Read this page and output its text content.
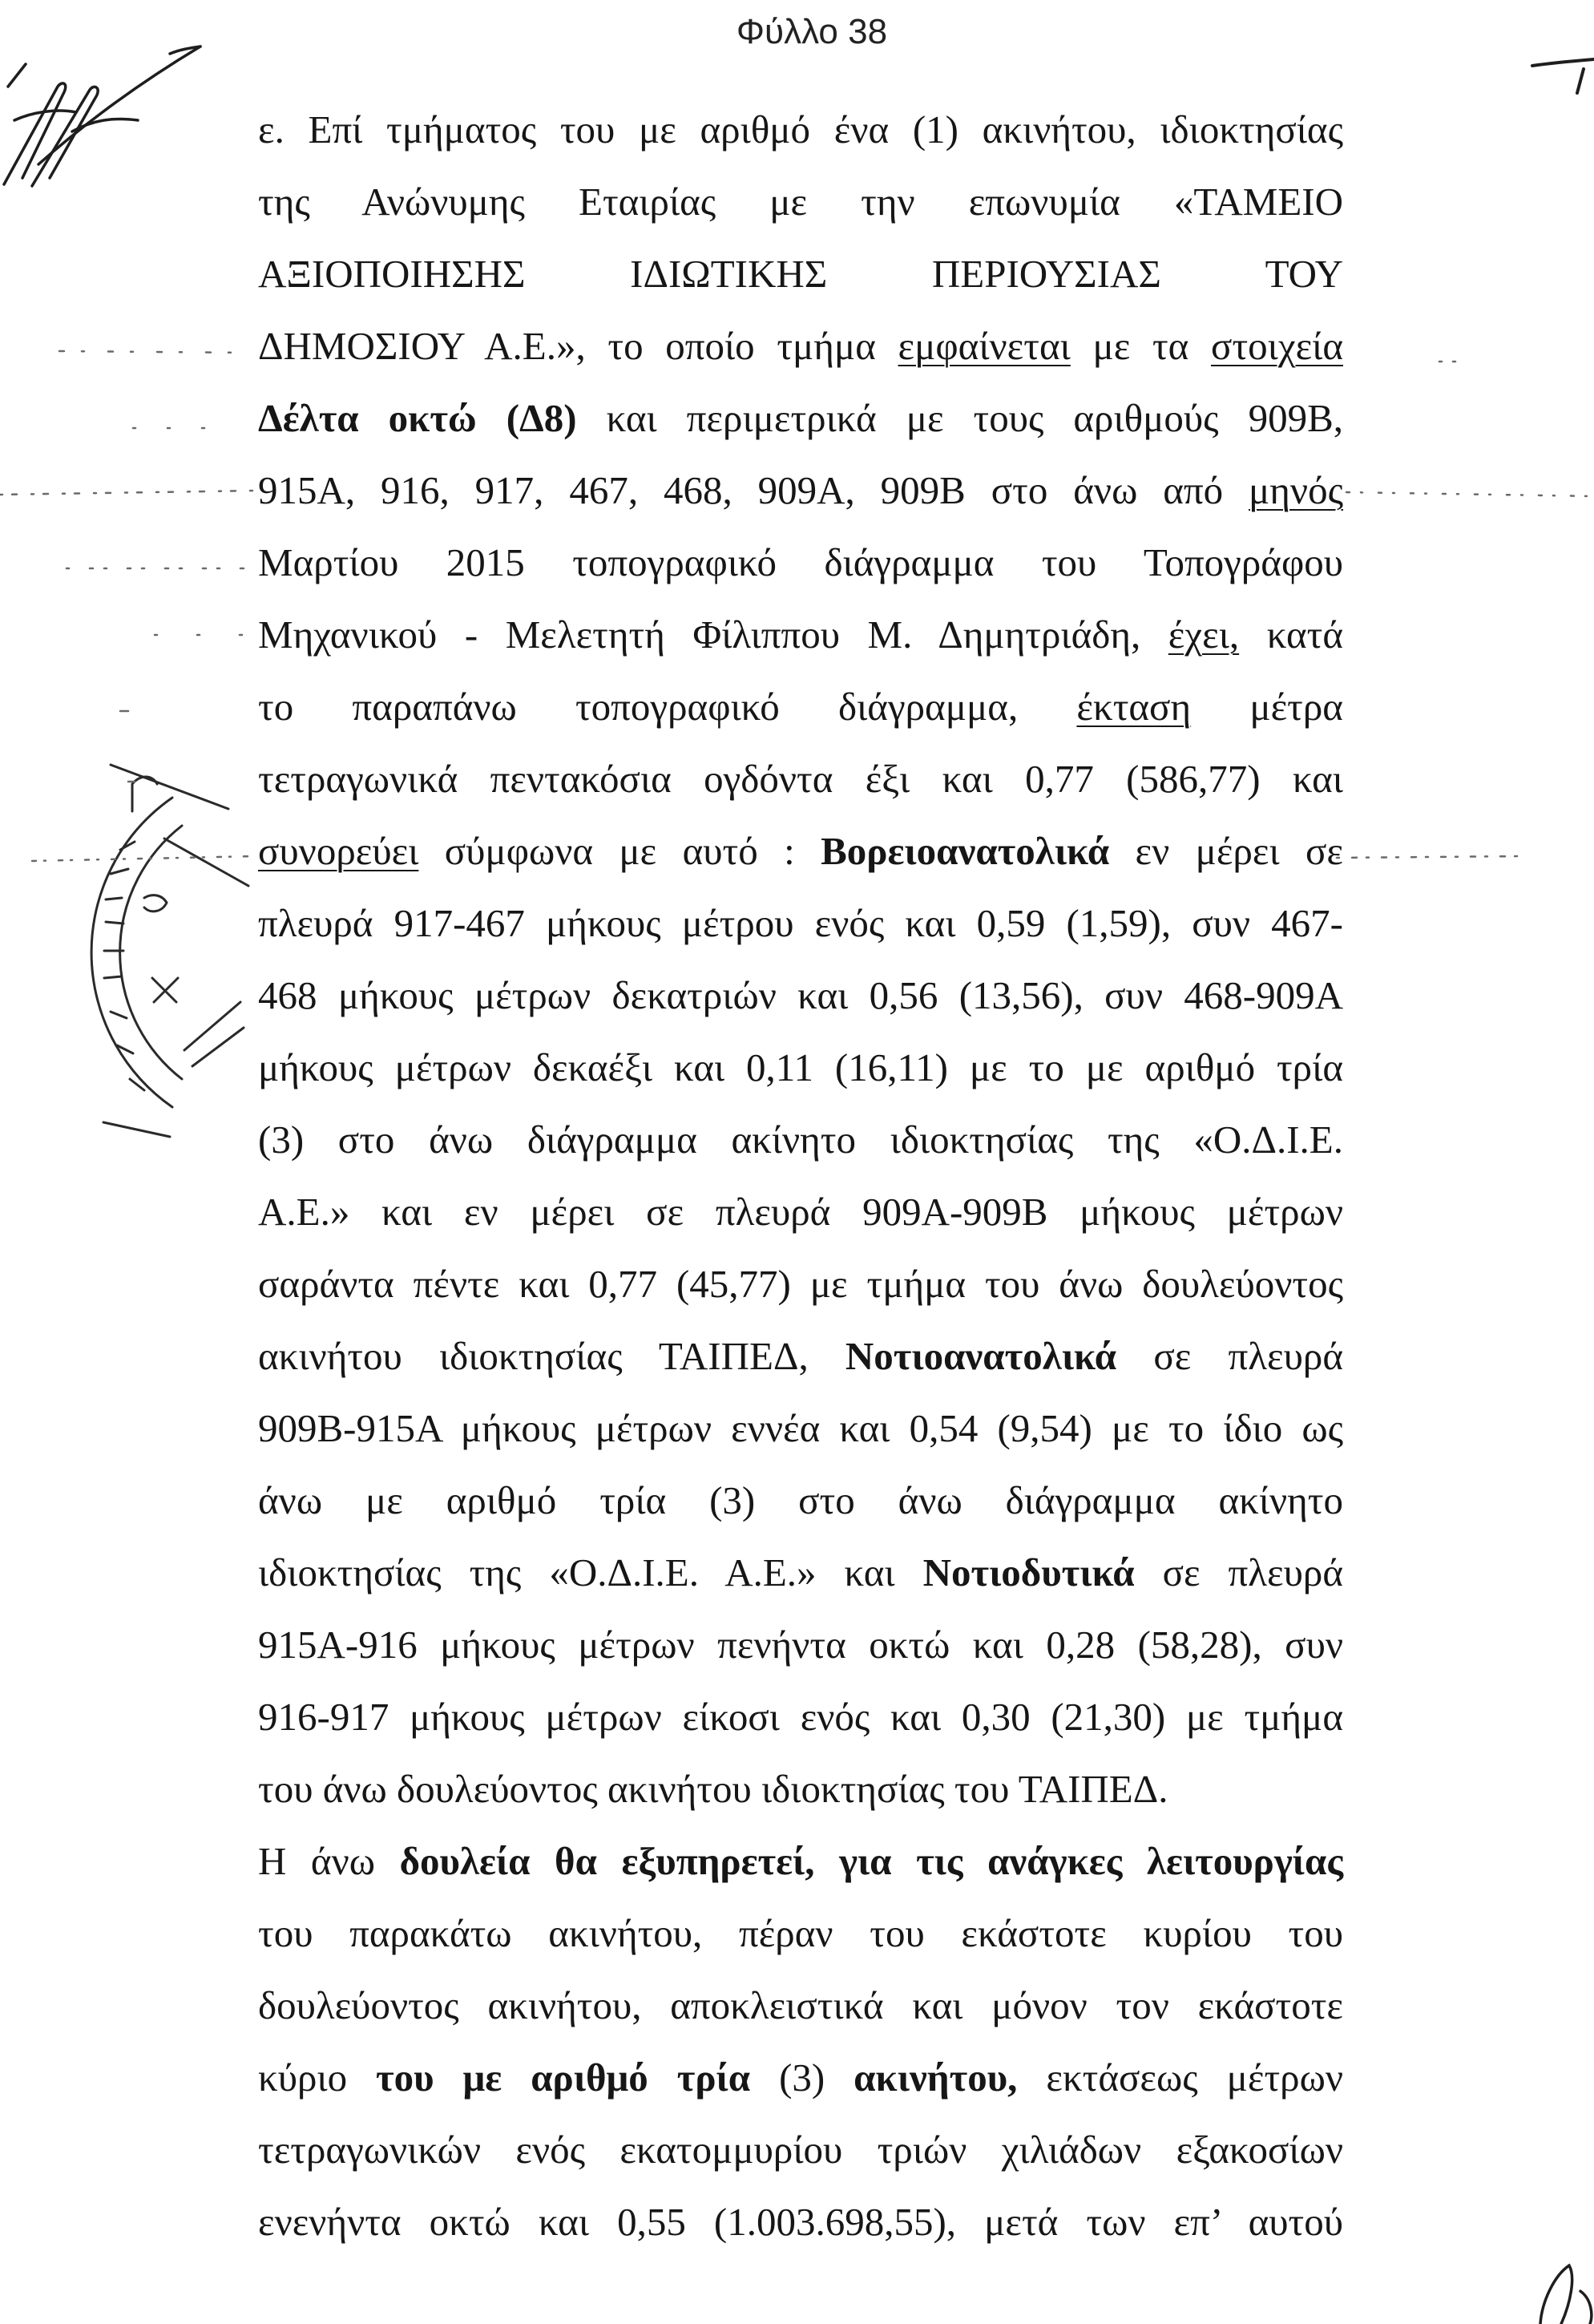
Φύλλο 38
ε. Επί τμήματος του με αριθμό ένα (1) ακινήτου, ιδιοκτησίας
της Ανώνυμης Εταιρίας με την επωνυμία «ΤΑΜΕΙΟ
ΑΞΙΟΠΟΙΗΣΗΣ ΙΔΙΩΤΙΚΗΣ ΠΕΡΙΟΥΣΙΑΣ ΤΟΥ
ΔΗΜΟΣΙΟΥ Α.Ε.», το οποίο τμήμα εμφαίνεται με τα στοιχεία
Δέλτα οκτώ (Δ8) και περιμετρικά με τους αριθμούς 909Β,
915Α, 916, 917, 467, 468, 909Α, 909Β στο άνω από μηνός
Μαρτίου 2015 τοπογραφικό διάγραμμα του Τοπογράφου
Μηχανικού - Μελετητή Φίλιππου Μ. Δημητριάδη, έχει, κατά
το παραπάνω τοπογραφικό διάγραμμα, έκταση μέτρα
τετραγωνικά πεντακόσια ογδόντα έξι και 0,77 (586,77) και
συνορεύει σύμφωνα με αυτό : Βορειοανατολικά εν μέρει σε
πλευρά 917-467 μήκους μέτρου ενός και 0,59 (1,59), συν 467-
468 μήκους μέτρων δεκατριών και 0,56 (13,56), συν 468-909Α
μήκους μέτρων δεκαέξι και 0,11 (16,11) με το με αριθμό τρία
(3) στο άνω διάγραμμα ακίνητο ιδιοκτησίας της «Ο.Δ.Ι.Ε.
Α.Ε.» και εν μέρει σε πλευρά 909Α-909Β μήκους μέτρων
σαράντα πέντε και 0,77 (45,77) με τμήμα του άνω δουλεύοντος
ακινήτου ιδιοκτησίας ΤΑΙΠΕΔ, Νοτιοανατολικά σε πλευρά
909Β-915Α μήκους μέτρων εννέα και 0,54 (9,54) με το ίδιο ως
άνω με αριθμό τρία (3) στο άνω διάγραμμα ακίνητο
ιδιοκτησίας της «Ο.Δ.Ι.Ε. Α.Ε.» και Νοτιοδυτικά σε πλευρά
915Α-916 μήκους μέτρων πενήντα οκτώ και 0,28 (58,28), συν
916-917 μήκους μέτρων είκοσι ενός και 0,30 (21,30) με τμήμα
του άνω δουλεύοντος ακινήτου ιδιοκτησίας του ΤΑΙΠΕΔ.
Η άνω δουλεία θα εξυπηρετεί, για τις ανάγκες λειτουργίας
του παρακάτω ακινήτου, πέραν του εκάστοτε κυρίου του
δουλεύοντος ακινήτου, αποκλειστικά και μόνον τον εκάστοτε
κύριο του με αριθμό τρία (3) ακινήτου, εκτάσεως μέτρων
τετραγωνικών ενός εκατομμυρίου τριών χιλιάδων εξακοσίων
ενενήντα οκτώ και 0,55 (1.003.698,55), μετά των επ’ αυτού
